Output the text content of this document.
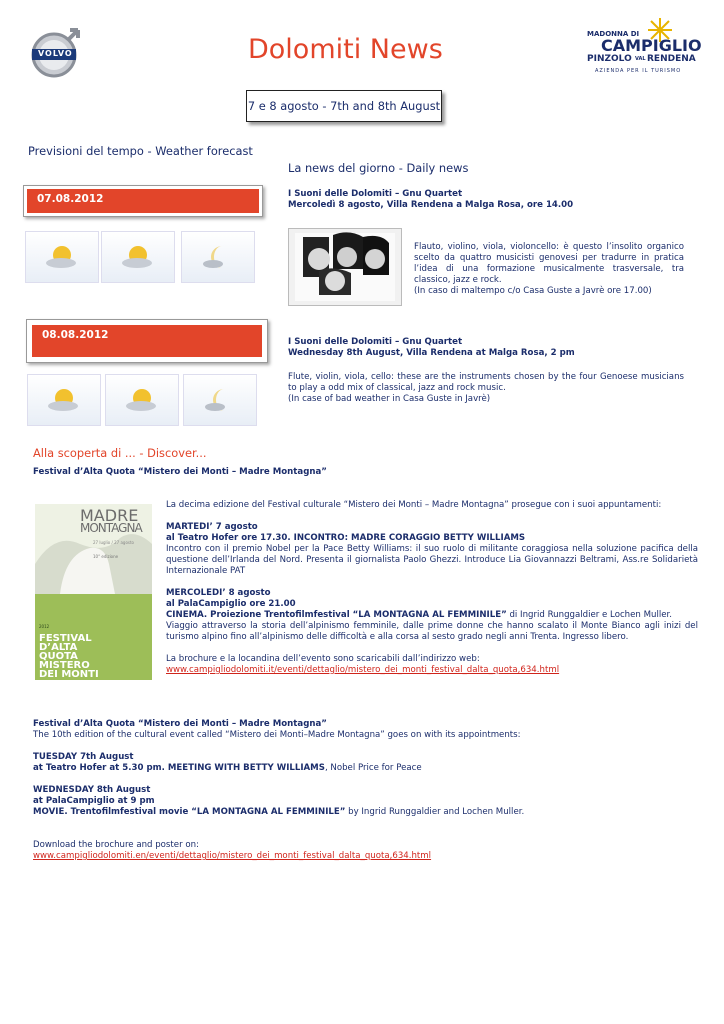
VOLVO	Dolomiti News	MADONNA DI
CAMPIGLIO
PINZOLO VAL RENDENA
AZIENDA PER IL TURISMO
7 e 8 agosto - 7th and 8th August
Previsioni del tempo - Weather forecast
07.08.2012
08.08.2012
La news del giorno - Daily news

I Suoni delle Dolomiti – Gnu Quartet

Mercoledì 8 agosto, Villa Rendena a Malga Rosa, ore 14.00

Flauto, violino, viola, violoncello: è questo l’insolito organico scelto da quattro musicisti genovesi per tradurre in pratica l’idea di una formazione musicalmente trasversale, tra classico, jazz e rock.

(In caso di maltempo c/o Casa Guste a Javrè ore 17.00)

I Suoni delle Dolomiti – Gnu Quartet

Wednesday 8th August, Villa Rendena at Malga Rosa, 2 pm

Flute, violin, viola, cello: these are the instruments chosen by the four Genoese musicians to play a odd mix of classical, jazz and rock music.

(In case of bad weather in Casa Guste in Javrè)

Alla scoperta di ... - Discover...
Festival d’Alta Quota “Mistero dei Monti – Madre Montagna”
MADRE
MONTAGNA
27 luglio / 27 agosto
10° edizione
2012

FESTIVAL

D’ALTA

QUOTA

MISTERO

DEI MONTI

La decima edizione del Festival culturale “Mistero dei Monti – Madre Montagna” prosegue con i suoi appuntamenti:

MARTEDI’ 7 agosto

al Teatro Hofer ore 17.30. INCONTRO: MADRE CORAGGIO BETTY WILLIAMS

Incontro con il premio Nobel per la Pace Betty Williams: il suo ruolo di militante coraggiosa nella soluzione pacifica della questione dell’Irlanda del Nord. Presenta il giornalista Paolo Ghezzi. Introduce Lia Giovannazzi Beltrami, Ass.re Solidarietà Internazionale PAT

MERCOLEDI’ 8 agosto

al PalaCampiglio ore 21.00

CINEMA. Proiezione Trentofilmfestival “LA MONTAGNA AL FEMMINILE” di Ingrid Runggaldier e Lochen Muller.

Viaggio attraverso la storia dell’alpinismo femminile, dalle prime donne che hanno scalato il Monte Bianco agli inizi del turismo alpino fino all’alpinismo delle difficoltà e alla corsa al sesto grado negli anni Trenta. Ingresso libero.

La brochure e la locandina dell’evento sono scaricabili dall’indirizzo web:

www.campigliodolomiti.it/eventi/dettaglio/mistero_dei_monti_festival_dalta_quota,634.html

Festival d’Alta Quota “Mistero dei Monti – Madre Montagna”

The 10th edition of the cultural event called “Mistero dei Monti–Madre Montagna” goes on with its appointments:

TUESDAY 7th August

at Teatro Hofer at 5.30 pm. MEETING WITH BETTY WILLIAMS, Nobel Price for Peace

WEDNESDAY 8th August

at PalaCampiglio at 9 pm

MOVIE. Trentofilmfestival movie “LA MONTAGNA AL FEMMINILE” by Ingrid Runggaldier and Lochen Muller.

Download the brochure and poster on:

www.campigliodolomiti.en/eventi/dettaglio/mistero_dei_monti_festival_dalta_quota,634.html
